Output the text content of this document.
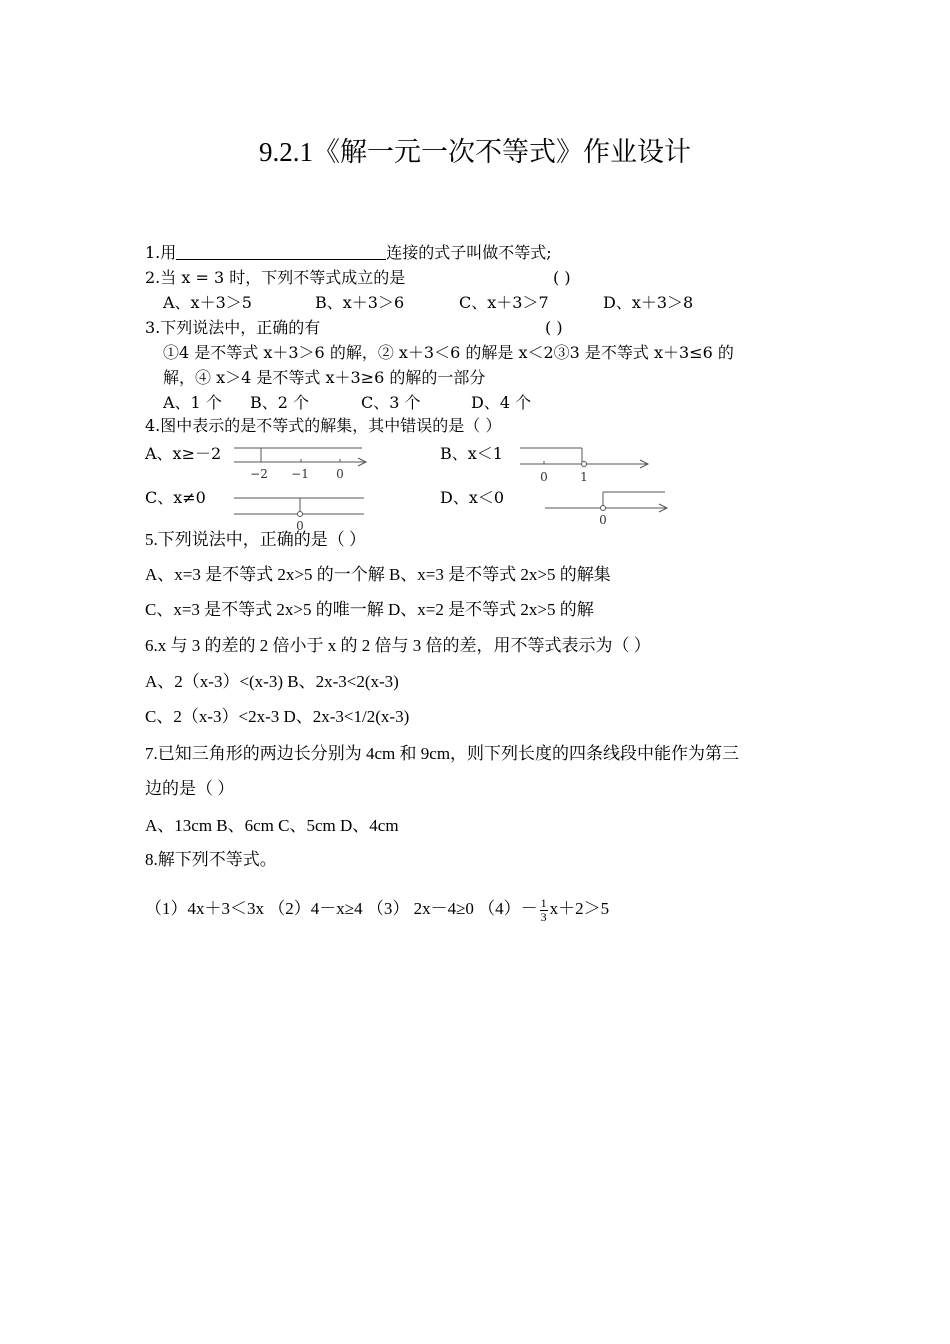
9.2.1《解一元一次不等式》作业设计
1.用	连接的式子叫做不等式;
2.当 x = 3 时，下列不等式成立的是	( )
A、x＋3＞5	B、x＋3＞6	C、x＋3＞7	D、x＋3＞8
3.下列说法中，正确的有	( )
①4 是不等式 x＋3＞6 的解，② x＋3＜6 的解是 x＜2③3 是不等式 x＋3≤6 的
解，④ x＞4 是不等式 x＋3≥6 的解的一部分
A、1 个 B、2 个	C、3 个	D、4 个
4.图中表示的是不等式的解集，其中错误的是（ ）
A、x≥－2	B、x＜1
C、x≠0	D、x＜0
−2 −1 0	0	1
0	0
5.下列说法中，正确的是（ ）
A、x=3 是不等式 2x>5 的一个解 B、x=3 是不等式 2x>5 的解集
C、x=3 是不等式 2x>5 的唯一解 D、x=2 是不等式 2x>5 的解
6.x 与 3 的差的 2 倍小于 x 的 2 倍与 3 倍的差，用不等式表示为（ ）
A、2（x-3）<(x-3) B、2x-3<2(x-3)
C、2（x-3）<2x-3 D、2x-3<1/2(x-3)
7.已知三角形的两边长分别为 4cm 和 9cm，则下列长度的四条线段中能作为第三
边的是（ ）
A、13cm B、6cm C、5cm D、4cm
8.解下列不等式。
（1）4x＋3＜3x （2）4－x≥4 （3） 2x－4≥0 $(4)- \frac{1}{3} x+2>5$
